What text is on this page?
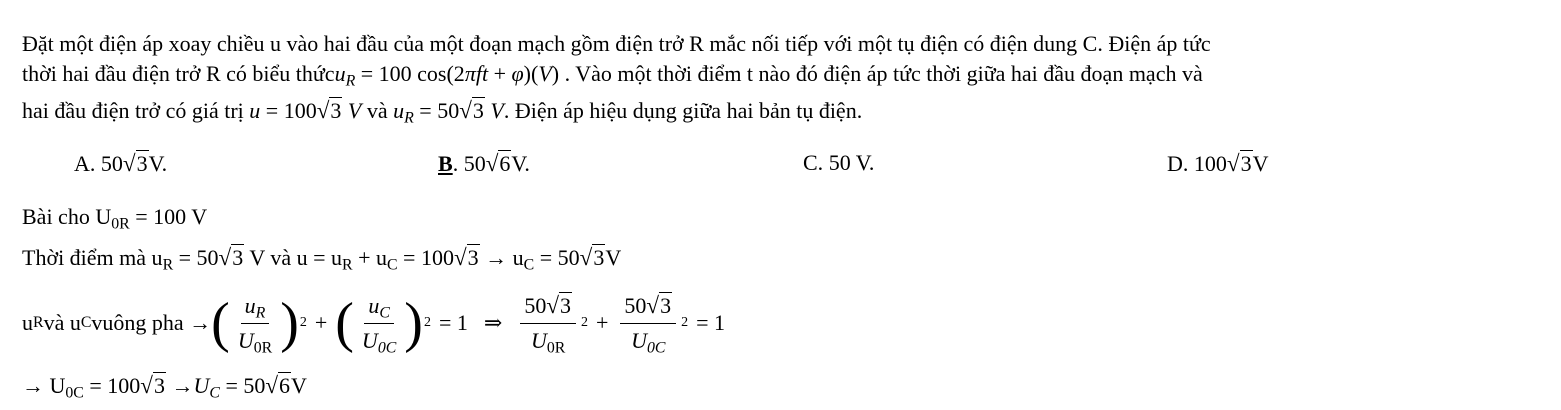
Đặt một điện áp xoay chiều u vào hai đầu của một đoạn mạch gồm điện trở R mắc nối tiếp với một tụ điện có điện dung C. Điện áp tức
thời hai đầu điện trở R có biểu thứcu$_R$ = 100 cos(2πft + φ)(V) . Vào một thời điểm t nào đó điện áp tức thời giữa hai đầu đoạn mạch và
hai đầu điện trở có giá trị u = 100√3 V và $u_R = 50√3$ V. Điện áp hiệu dụng giữa hai bản tụ điện.
A. 50√3V.	B. 50√6V.	C. 50 V.	D. 100√3V
Bài cho $U_{0R} = 100$ V
Thời điểm mà $u_R = 50√3$ V và $u = u_R + u_C = 100√3 \to u_C = 50√3V$
u R và u C vuông pha → ( $\frac{u_R}{U_{0R}}$ ) 2 + ( $\frac{u_C}{U_{0C}}$ ) 2 = 1 ⇒ $\frac{50√3}{U_{0R}} 2 + \frac{50√3}{U_{0C}} 2 = 1$
→ $U_{0C} = 100√3 \to U_C = 50√6V$
